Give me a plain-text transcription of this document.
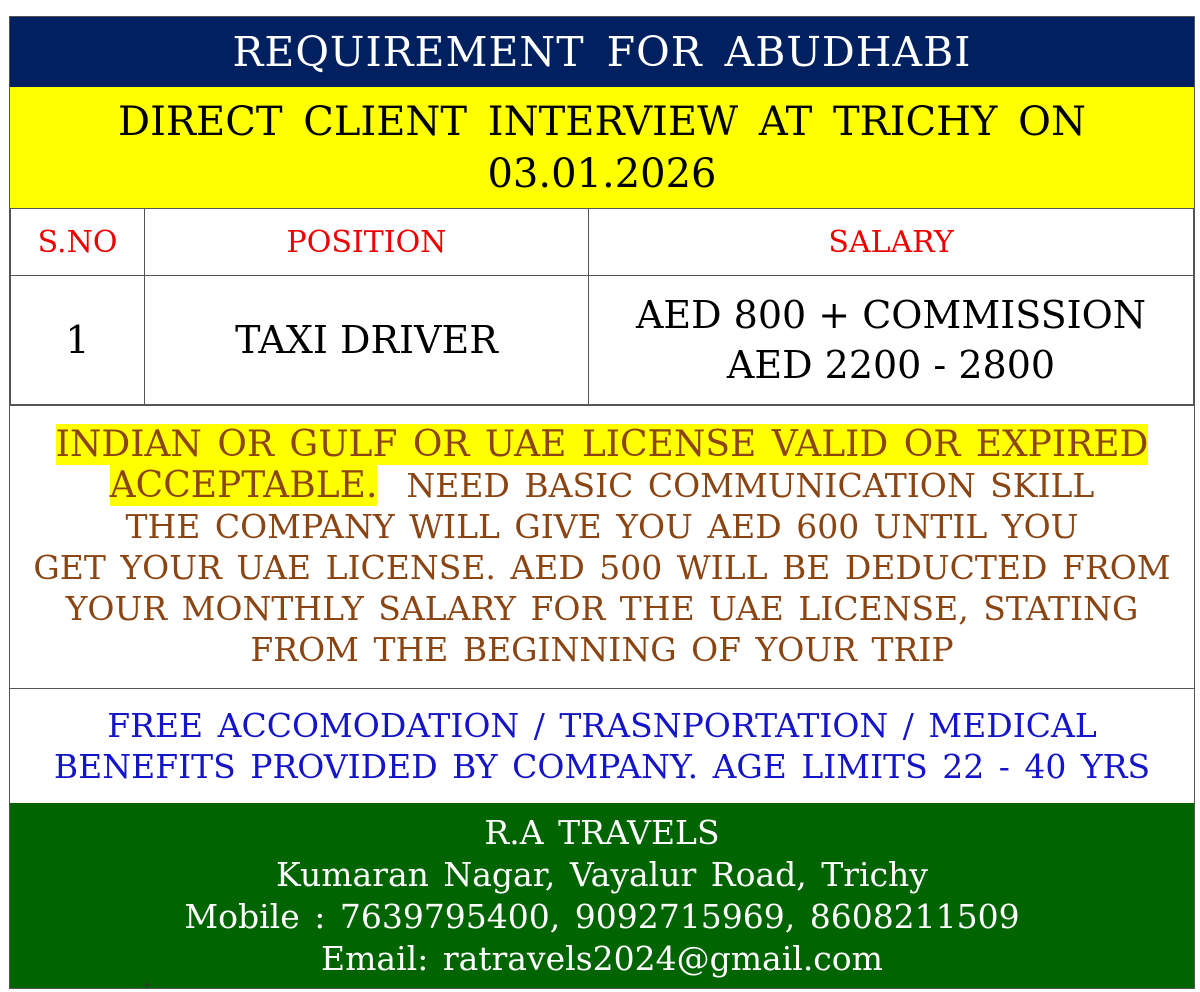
REQUIREMENT FOR ABUDHABI
DIRECT CLIENT INTERVIEW AT TRICHY ON
03.01.2026
S.NO	POSITION	SALARY
1	TAXI DRIVER	AED 800 + COMMISSION
AED 2200 - 2800
INDIAN OR GULF OR UAE LICENSE VALID OR EXPIRED
ACCEPTABLE. NEED BASIC COMMUNICATION SKILL
THE COMPANY WILL GIVE YOU AED 600 UNTIL YOU
GET YOUR UAE LICENSE. AED 500 WILL BE DEDUCTED FROM
YOUR MONTHLY SALARY FOR THE UAE LICENSE, STATING
FROM THE BEGINNING OF YOUR TRIP
FREE ACCOMODATION / TRASNPORTATION / MEDICAL
BENEFITS PROVIDED BY COMPANY. AGE LIMITS 22 - 40 YRS
R.A TRAVELS
Kumaran Nagar, Vayalur Road, Trichy
Mobile : 7639795400, 9092715969, 8608211509
Email: ratravels2024@gmail.com
+
